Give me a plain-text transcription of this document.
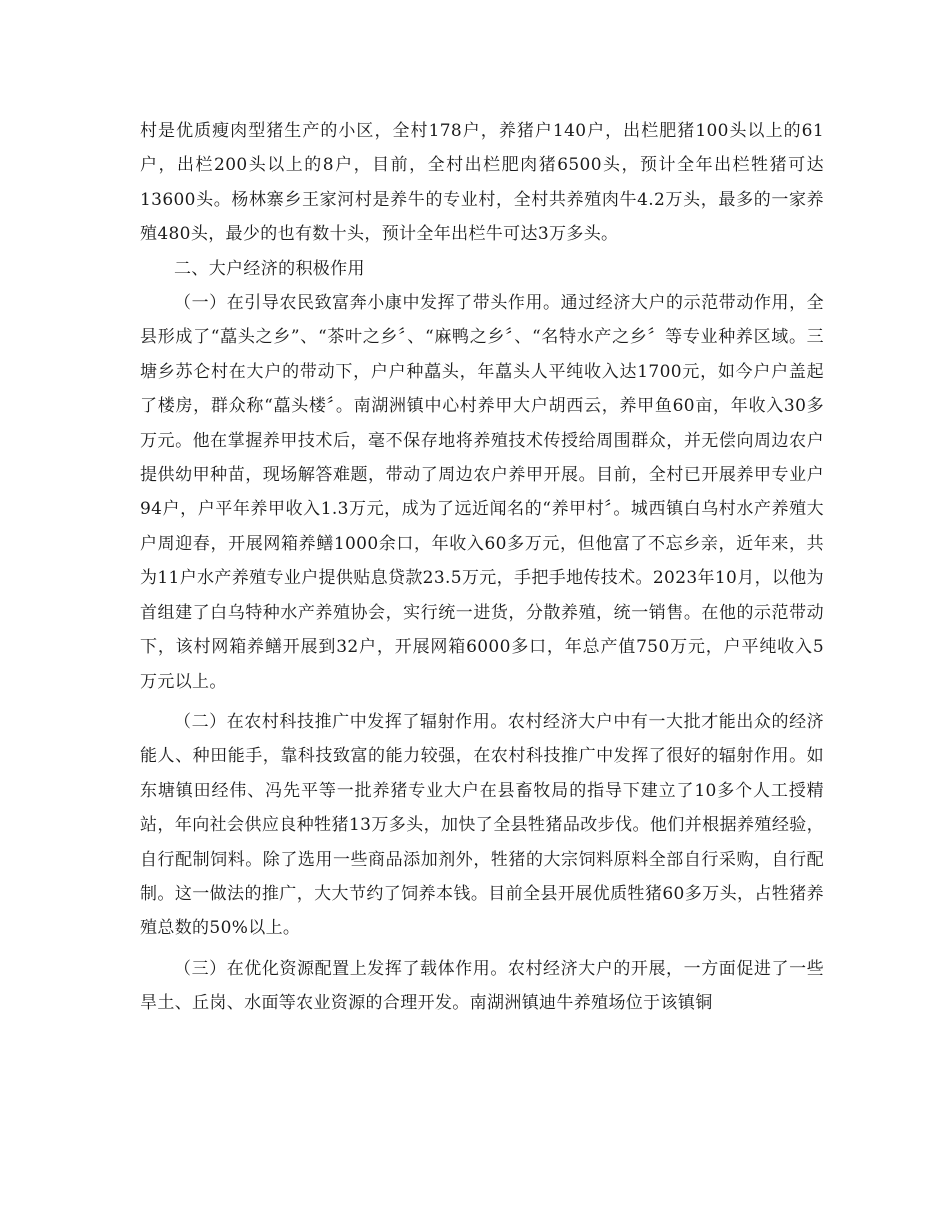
村是优质瘦肉型猪生产的小区，全村178户，养猪户140户，出栏肥猪100头以上的61户，出栏200头以上的8户，目前，全村出栏肥肉猪6500头，预计全年出栏牲猪可达13600头。杨林寨乡王家河村是养牛的专业村，全村共养殖肉牛4.2万头，最多的一家养殖480头，最少的也有数十头，预计全年出栏牛可达3万多头。

二、大户经济的积极作用

（一）在引导农民致富奔小康中发挥了带头作用。通过经济大户的示范带动作用，全县形成了“藠头之乡”、“茶叶之乡〞、“麻鸭之乡〞、“名特水产之乡〞等专业种养区域。三塘乡苏仑村在大户的带动下，户户种藠头，年藠头人平纯收入达1700元，如今户户盖起了楼房，群众称“藠头楼〞。南湖洲镇中心村养甲大户胡西云，养甲鱼60亩，年收入30多万元。他在掌握养甲技术后，毫不保存地将养殖技术传授给周围群众，并无偿向周边农户提供幼甲种苗，现场解答难题，带动了周边农户养甲开展。目前，全村已开展养甲专业户94户，户平年养甲收入1.3万元，成为了远近闻名的“养甲村〞。城西镇白乌村水产养殖大户周迎春，开展网箱养鳝1000余口，年收入60多万元，但他富了不忘乡亲，近年来，共为11户水产养殖专业户提供贴息贷款23.5万元，手把手地传技术。2023年10月，以他为首组建了白乌特种水产养殖协会，实行统一进货，分散养殖，统一销售。在他的示范带动下，该村网箱养鳝开展到32户，开展网箱6000多口，年总产值750万元，户平纯收入5万元以上。

（二）在农村科技推广中发挥了辐射作用。农村经济大户中有一大批才能出众的经济能人、种田能手，靠科技致富的能力较强，在农村科技推广中发挥了很好的辐射作用。如东塘镇田经伟、冯先平等一批养猪专业大户在县畜牧局的指导下建立了10多个人工授精站，年向社会供应良种牲猪13万多头，加快了全县牲猪品改步伐。他们并根据养殖经验，自行配制饲料。除了选用一些商品添加剂外，牲猪的大宗饲料原料全部自行采购，自行配制。这一做法的推广，大大节约了饲养本钱。目前全县开展优质牲猪60多万头，占牲猪养殖总数的50%以上。

（三）在优化资源配置上发挥了载体作用。农村经济大户的开展，一方面促进了一些旱土、丘岗、水面等农业资源的合理开发。南湖洲镇迪牛养殖场位于该镇铜
